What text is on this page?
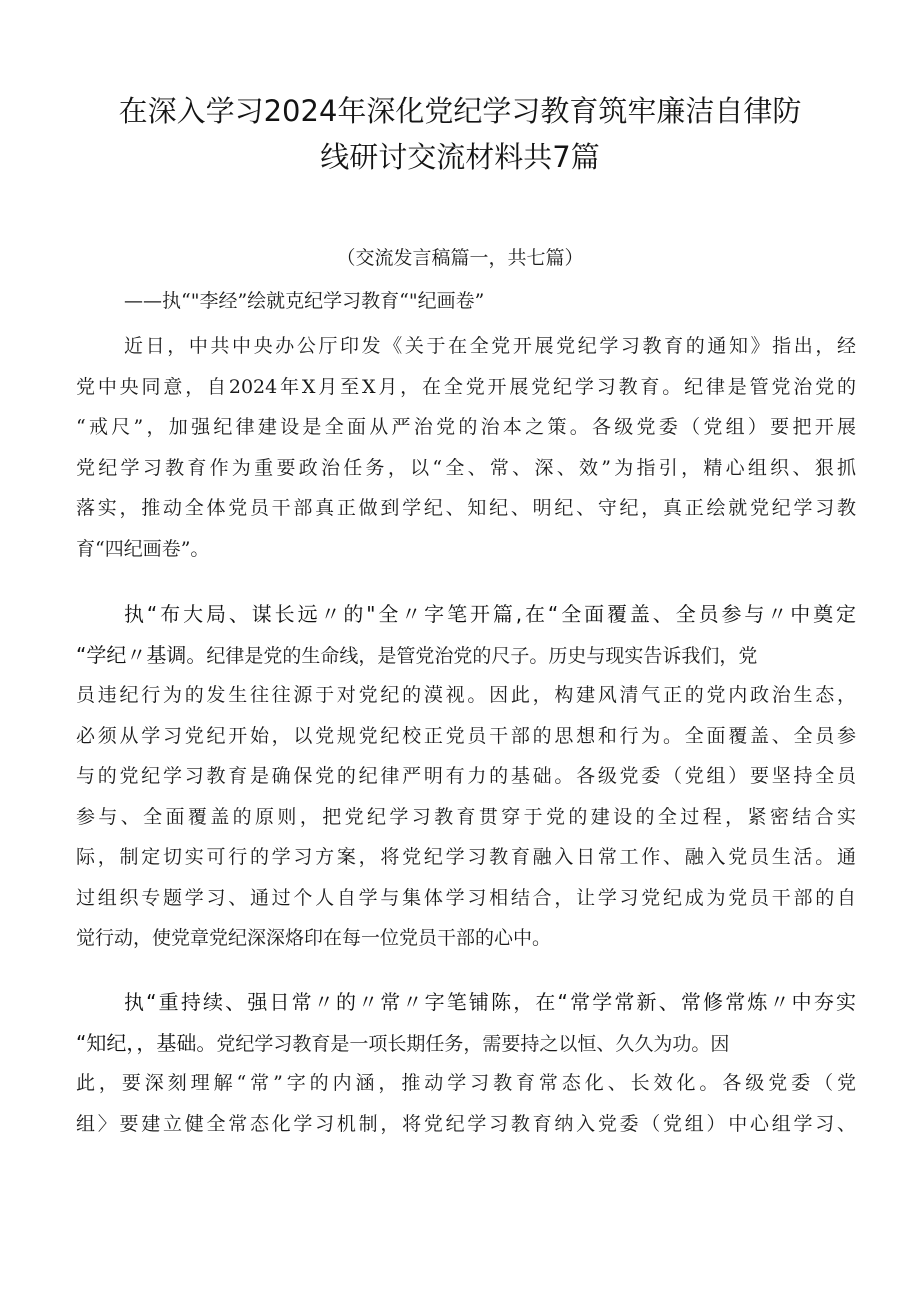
在深入学习2024年深化党纪学习教育筑牢廉洁自律防
线研讨交流材料共7篇
（交流发言稿篇一，共七篇）
——执“"李经”绘就克纪学习教育“"纪画卷”
近日，中共中央办公厅印发《关于在全党开展党纪学习教育的通知》指出，经
党中央同意，自2024年X月至X月，在全党开展党纪学习教育。纪律是管党治党的
“戒尺”，加强纪律建设是全面从严治党的治本之策。各级党委（党组）要把开展
党纪学习教育作为重要政治任务，以“全、常、深、效”为指引，精心组织、狠抓
落实，推动全体党员干部真正做到学纪、知纪、明纪、守纪，真正绘就党纪学习教
育“四纪画卷”。
执“布大局、谋长远〃的"全〃字笔开篇,在“全面覆盖、全员参与〃中奠定
“学纪〃基调。纪律是党的生命线，是管党治党的尺子。历史与现实告诉我们，党
员违纪行为的发生往往源于对党纪的漠视。因此，构建风清气正的党内政治生态，
必须从学习党纪开始，以党规党纪校正党员干部的思想和行为。全面覆盖、全员参
与的党纪学习教育是确保党的纪律严明有力的基础。各级党委（党组）要坚持全员
参与、全面覆盖的原则，把党纪学习教育贯穿于党的建设的全过程，紧密结合实
际，制定切实可行的学习方案，将党纪学习教育融入日常工作、融入党员生活。通
过组织专题学习、通过个人自学与集体学习相结合，让学习党纪成为党员干部的自
觉行动，使党章党纪深深烙印在每一位党员干部的心中。
执“重持续、强日常〃的〃常〃字笔铺陈，在“常学常新、常修常炼〃中夯实
“知纪，，基础。党纪学习教育是一项长期任务，需要持之以恒、久久为功。因
此，要深刻理解“常”字的内涵，推动学习教育常态化、长效化。各级党委（党
组〉要建立健全常态化学习机制，将党纪学习教育纳入党委（党组）中心组学习、
